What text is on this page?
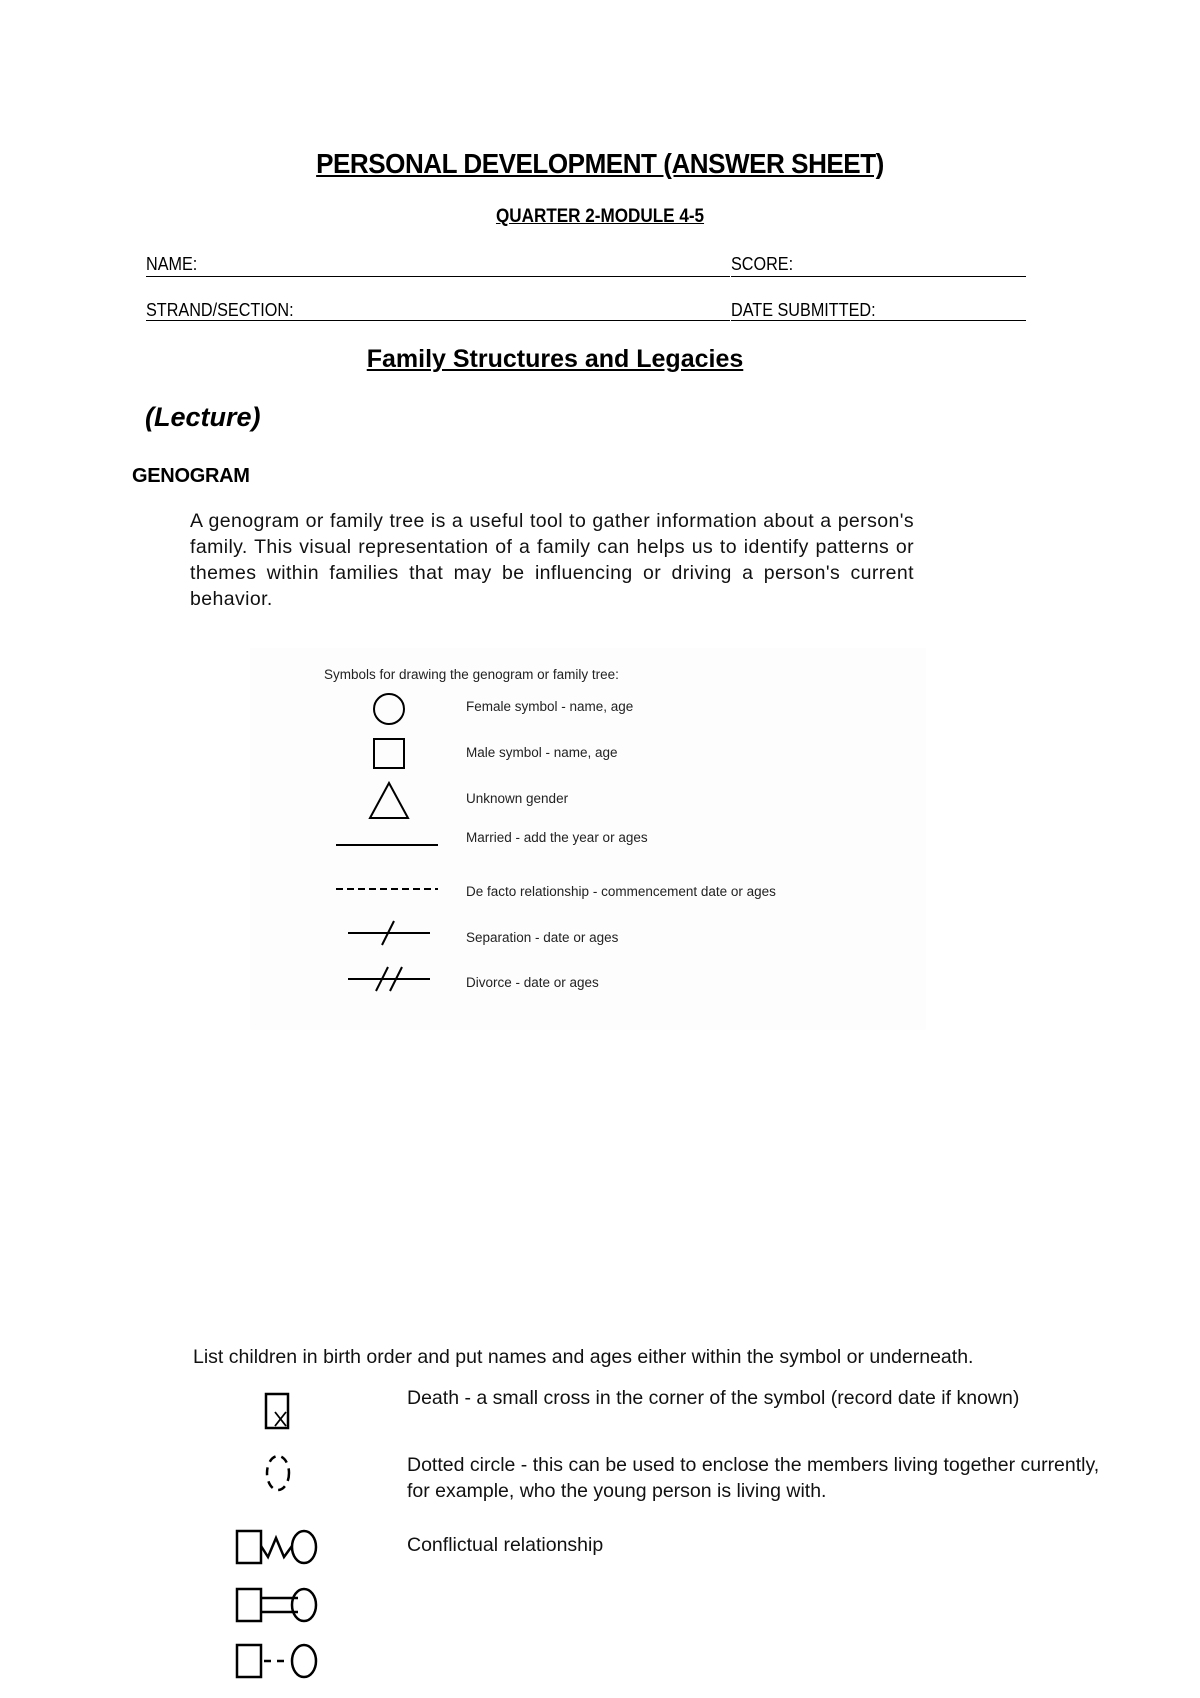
PERSONAL DEVELOPMENT (ANSWER SHEET)
QUARTER 2-MODULE 4-5
NAME:	SCORE:
STRAND/SECTION:	DATE SUBMITTED:
Family Structures and Legacies
(Lecture)
GENOGRAM
A genogram or family tree is a useful tool to gather information about a person's family. This visual representation of a family can helps us to identify patterns or themes within families that may be influencing or driving a person's current behavior.
Symbols for drawing the genogram or family tree:
Female symbol - name, age
Male symbol - name, age
Unknown gender
Married - add the year or ages
De facto relationship - commencement date or ages
Separation - date or ages
Divorce - date or ages
List children in birth order and put names and ages either within the symbol or underneath.
Death - a small cross in the corner of the symbol (record date if known)
Dotted circle - this can be used to enclose the members living together currently, for example, who the young person is living with.
Conflictual relationship
